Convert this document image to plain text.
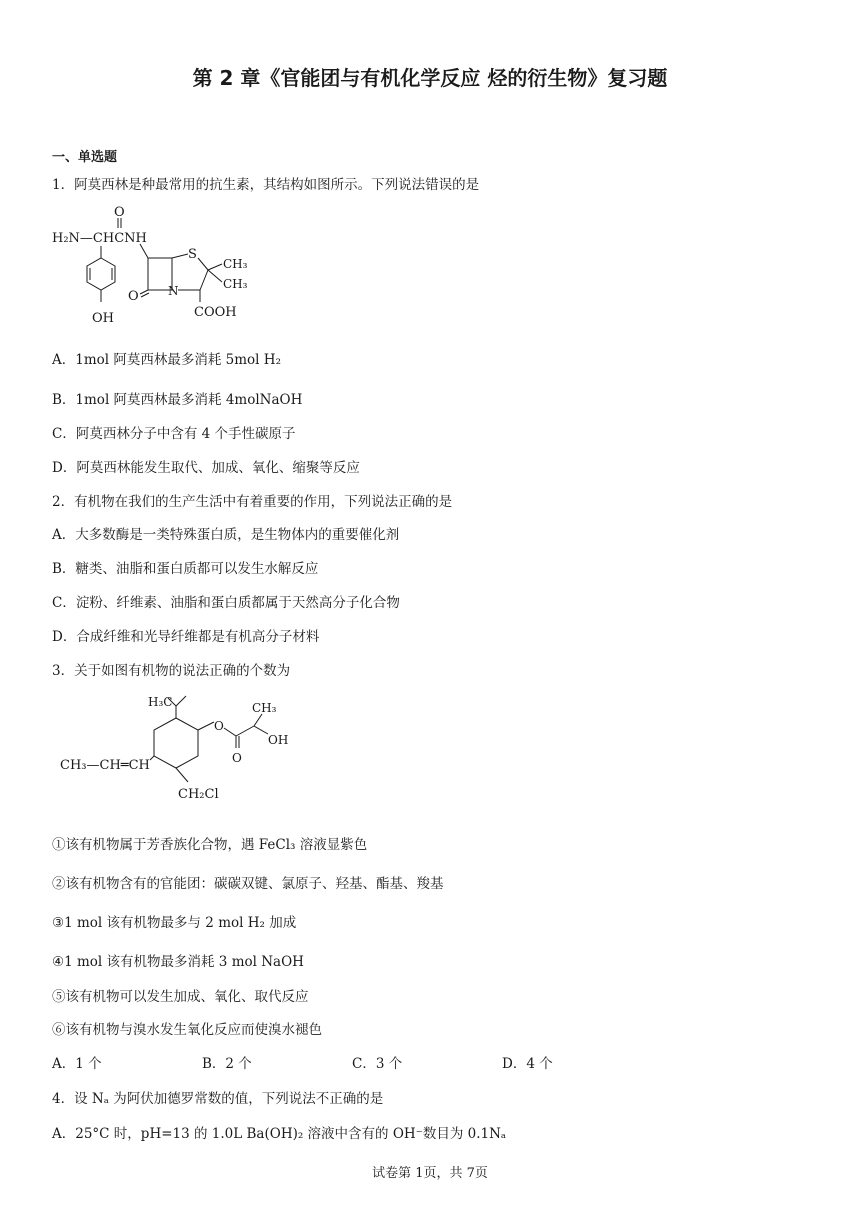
第 2 章《官能团与有机化学反应 烃的衍生物》复习题
一、单选题
1．阿莫西林是种最常用的抗生素，其结构如图所示。下列说法错误的是
O
H₂N—CHCNH
S
CH₃
CH₃
O N
COOH
OH
A．1mol 阿莫西林最多消耗 5mol H₂
B．1mol 阿莫西林最多消耗 4molNaOH
C．阿莫西林分子中含有 4 个手性碳原子
D．阿莫西林能发生取代、加成、氧化、缩聚等反应
2．有机物在我们的生产生活中有着重要的作用，下列说法正确的是
A．大多数酶是一类特殊蛋白质，是生物体内的重要催化剂
B．糖类、油脂和蛋白质都可以发生水解反应
C．淀粉、纤维素、油脂和蛋白质都属于天然高分子化合物
D．合成纤维和光导纤维都是有机高分子材料
3．关于如图有机物的说法正确的个数为
H₃C	CH₃
OH
O
O
CH₃—CH═CH
CH₂Cl
①该有机物属于芳香族化合物，遇 FeCl₃ 溶液显紫色
②该有机物含有的官能团：碳碳双键、氯原子、羟基、酯基、羧基
③1 mol 该有机物最多与 2 mol H₂ 加成
④1 mol 该有机物最多消耗 3 mol NaOH
⑤该有机物可以发生加成、氧化、取代反应
⑥该有机物与溴水发生氧化反应而使溴水褪色
A．1 个	B．2 个	C．3 个	D．4 个
4．设 Nₐ 为阿伏加德罗常数的值，下列说法不正确的是
A．25°C 时，pH=13 的 1.0L Ba(OH)₂ 溶液中含有的 OH⁻数目为 0.1Nₐ
试卷第 1页，共 7页
